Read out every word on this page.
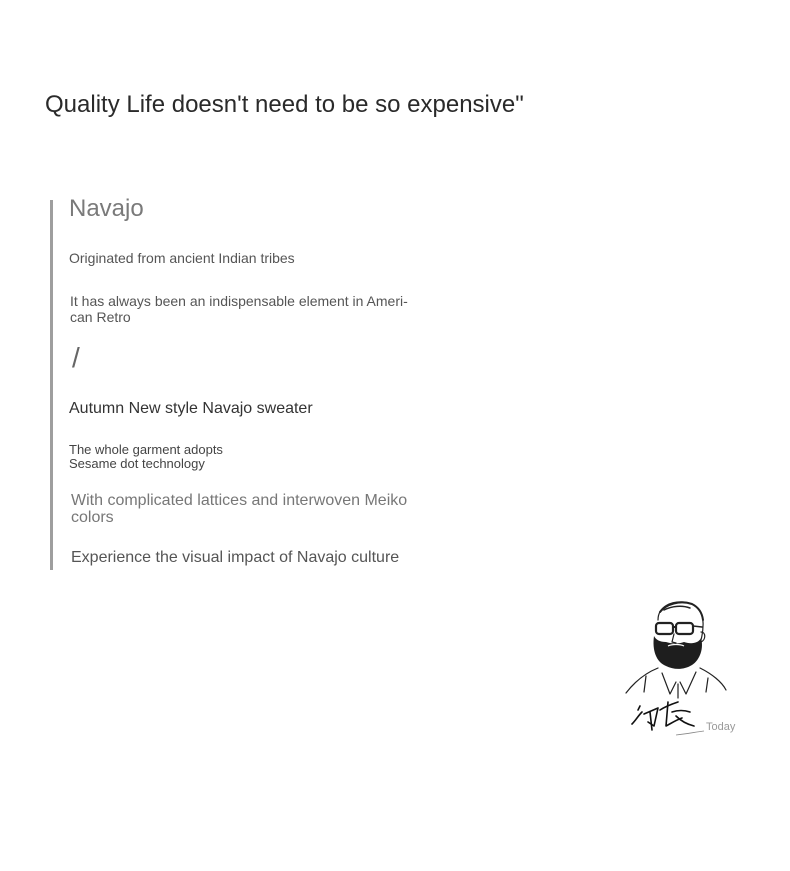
Quality Life doesn't need to be so expensive"
Navajo
Originated from ancient Indian tribes
It has always been an indispensable element in Ameri-
can Retro
/
Autumn New style Navajo sweater
The whole garment adopts
Sesame dot technology
With complicated lattices and interwoven Meiko
colors
Experience the visual impact of Navajo culture
Today
